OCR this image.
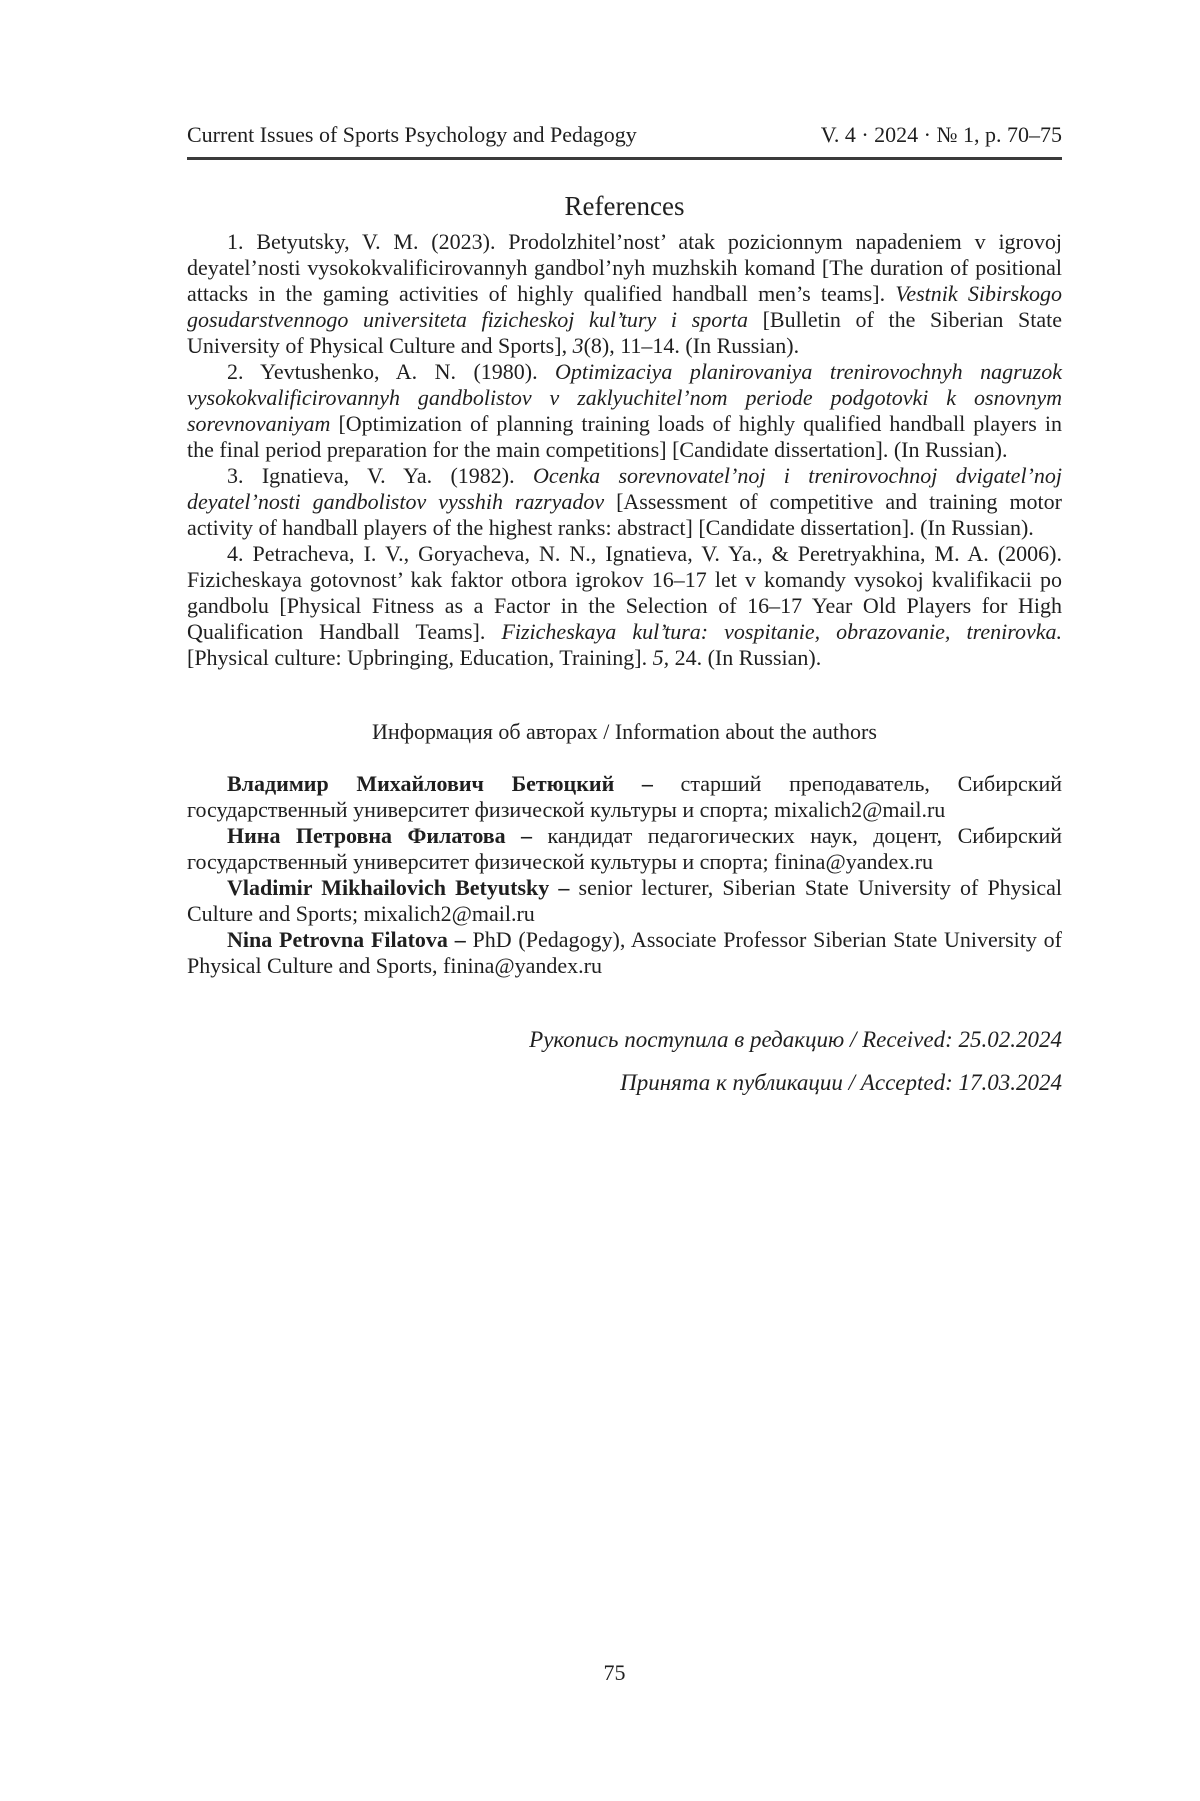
Current Issues of Sports Psychology and Pedagogy	V. 4 · 2024 · № 1, p. 70–75
References

1. Betyutsky, V. M. (2023). Prodolzhitel’nost’ atak pozicionnym napadeniem v igrovoj deyatel’nosti vysokokvalificirovannyh gandbol’nyh muzhskih komand [The duration of positional attacks in the gaming activities of highly qualified handball men’s teams]. Vestnik Sibirskogo gosudarstvennogo universiteta fizicheskoj kul’tury i sporta [Bulletin of the Siberian State University of Physical Culture and Sports], 3(8), 11–14. (In Russian).

2. Yevtushenko, A. N. (1980). Optimizaciya planirovaniya trenirovochnyh nagruzok vysokokvalificirovannyh gandbolistov v zaklyuchitel’nom periode podgotovki k osnovnym sorevnovaniyam [Optimization of planning training loads of highly qualified handball players in the final period preparation for the main competitions] [Candidate dissertation]. (In Russian).

3. Ignatieva, V. Ya. (1982). Ocenka sorevnovatel’noj i trenirovochnoj dvigatel’noj deyatel’nosti gandbolistov vysshih razryadov [Assessment of competitive and training motor activity of handball players of the highest ranks: abstract] [Candidate dissertation]. (In Russian).

4. Petracheva, I. V., Goryacheva, N. N., Ignatieva, V. Ya., & Peretryakhina, M. A. (2006). Fizicheskaya gotovnost’ kak faktor otbora igrokov 16–17 let v komandy vysokoj kvalifikacii po gandbolu [Physical Fitness as a Factor in the Selection of 16–17 Year Old Players for High Qualification Handball Teams]. Fizicheskaya kul’tura: vospitanie, obrazovanie, trenirovka. [Physical culture: Upbringing, Education, Training]. 5, 24. (In Russian).

Информация об авторах / Information about the authors

Владимир Михайлович Бетюцкий – старший преподаватель, Сибирский государственный университет физической культуры и спорта; mixalich2@mail.ru

Нина Петровна Филатова – кандидат педагогических наук, доцент, Сибирский государственный университет физической культуры и спорта; finina@yandex.ru

Vladimir Mikhailovich Betyutsky – senior lecturer, Siberian State University of Physical Culture and Sports; mixalich2@mail.ru

Nina Petrovna Filatova – PhD (Pedagogy), Associate Professor Siberian State University of Physical Culture and Sports, finina@yandex.ru

Рукопись поступила в редакцию / Received: 25.02.2024

Принята к публикации / Accepted: 17.03.2024

75
